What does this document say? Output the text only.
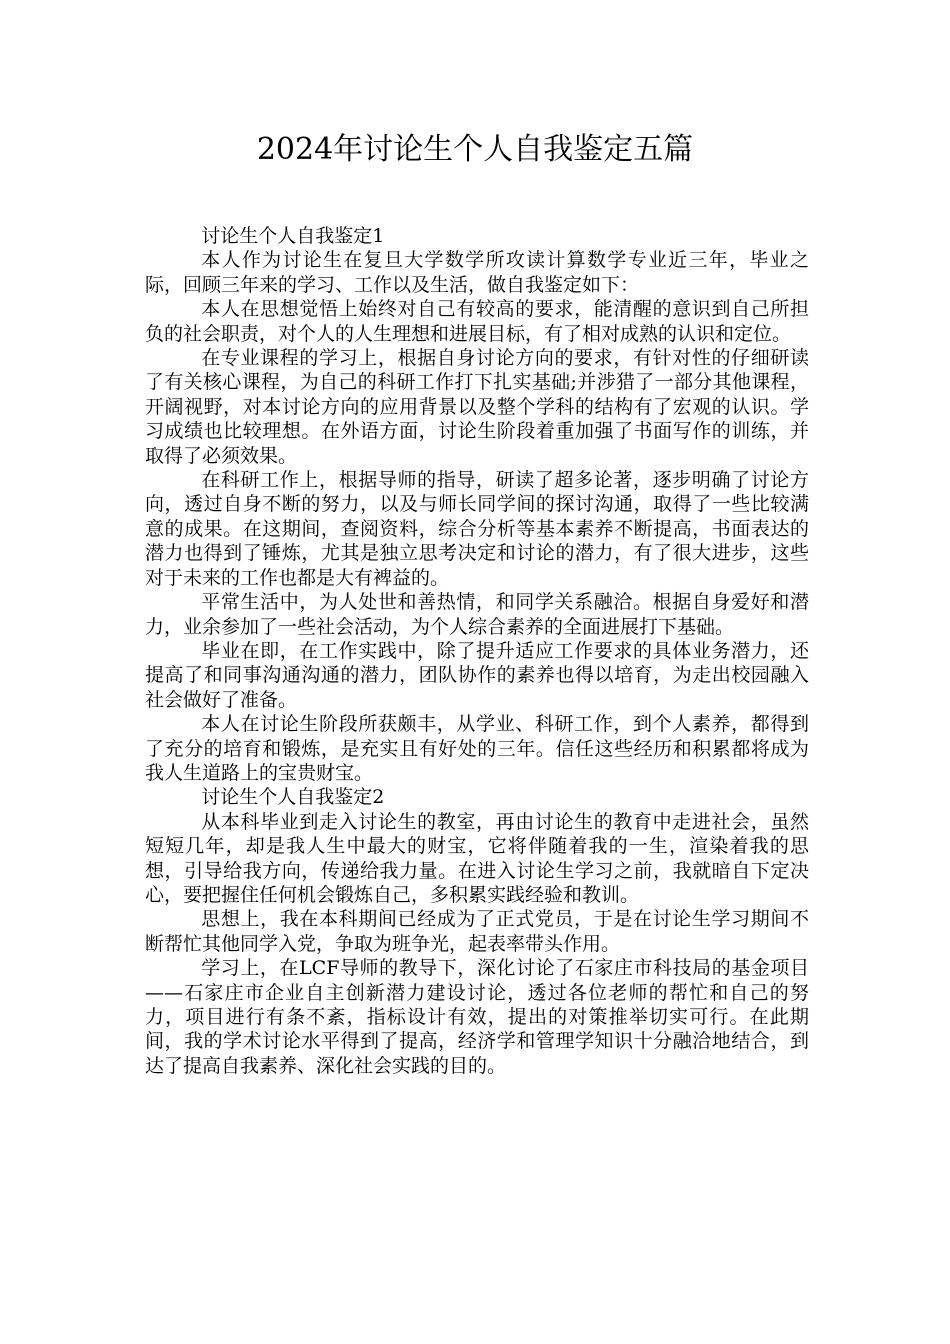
2024年讨论生个人自我鉴定五篇

讨论生个人自我鉴定1

本人作为讨论生在复旦大学数学所攻读计算数学专业近三年，毕业之际，回顾三年来的学习、工作以及生活，做自我鉴定如下：

本人在思想觉悟上始终对自己有较高的要求，能清醒的意识到自己所担负的社会职责，对个人的人生理想和进展目标，有了相对成熟的认识和定位。

在专业课程的学习上，根据自身讨论方向的要求，有针对性的仔细研读了有关核心课程，为自己的科研工作打下扎实基础;并涉猎了一部分其他课程，开阔视野，对本讨论方向的应用背景以及整个学科的结构有了宏观的认识。学习成绩也比较理想。在外语方面，讨论生阶段着重加强了书面写作的训练，并取得了必须效果。

在科研工作上，根据导师的指导，研读了超多论著，逐步明确了讨论方向，透过自身不断的努力，以及与师长同学间的探讨沟通，取得了一些比较满意的成果。在这期间，查阅资料，综合分析等基本素养不断提高，书面表达的潜力也得到了锤炼，尤其是独立思考决定和讨论的潜力，有了很大进步，这些对于未来的工作也都是大有裨益的。

平常生活中，为人处世和善热情，和同学关系融洽。根据自身爱好和潜力，业余参加了一些社会活动，为个人综合素养的全面进展打下基础。

毕业在即，在工作实践中，除了提升适应工作要求的具体业务潜力，还提高了和同事沟通沟通的潜力，团队协作的素养也得以培育，为走出校园融入社会做好了准备。

本人在讨论生阶段所获颇丰，从学业、科研工作，到个人素养，都得到了充分的培育和锻炼，是充实且有好处的三年。信任这些经历和积累都将成为我人生道路上的宝贵财宝。

讨论生个人自我鉴定2

从本科毕业到走入讨论生的教室，再由讨论生的教育中走进社会，虽然短短几年，却是我人生中最大的财宝，它将伴随着我的一生，渲染着我的思想，引导给我方向，传递给我力量。在进入讨论生学习之前，我就暗自下定决心，要把握住任何机会锻炼自己，多积累实践经验和教训。

思想上，我在本科期间已经成为了正式党员，于是在讨论生学习期间不断帮忙其他同学入党，争取为班争光，起表率带头作用。

学习上，在LCF导师的教导下，深化讨论了石家庄市科技局的基金项目——石家庄市企业自主创新潜力建设讨论，透过各位老师的帮忙和自己的努力，项目进行有条不紊，指标设计有效，提出的对策推举切实可行。在此期间，我的学术讨论水平得到了提高，经济学和管理学知识十分融洽地结合，到达了提高自我素养、深化社会实践的目的。
